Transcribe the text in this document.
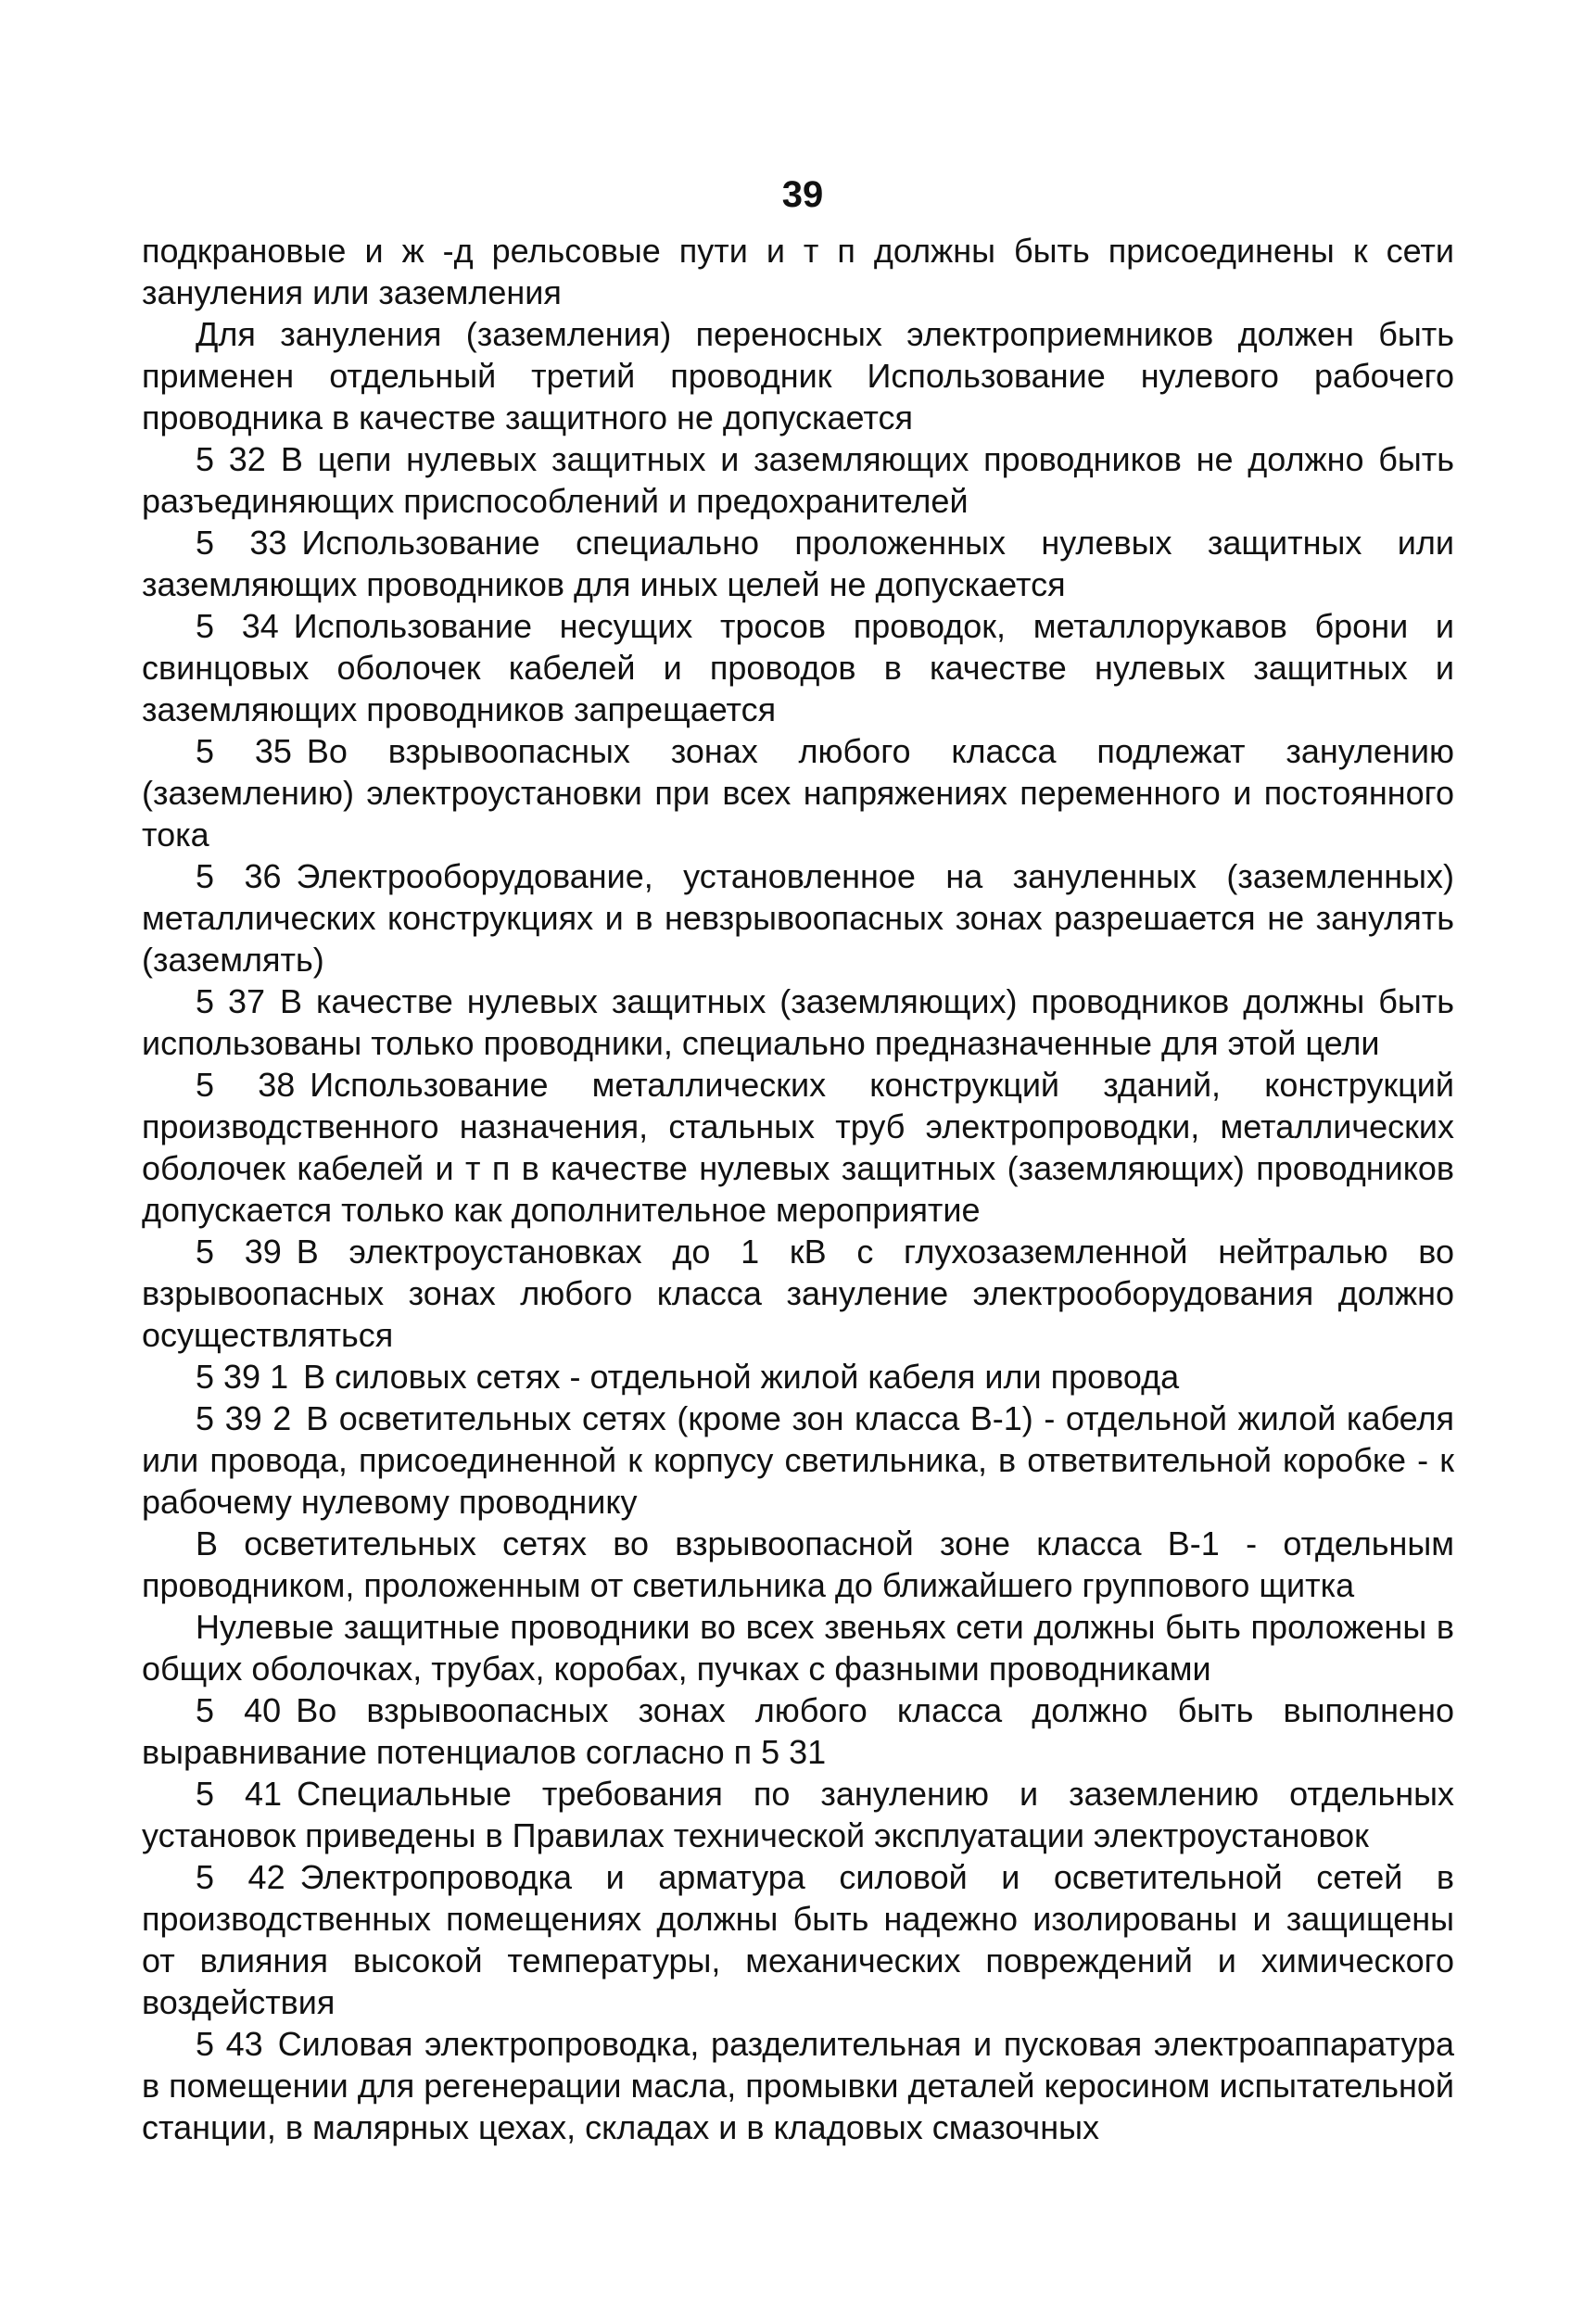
39

подкрановые и ж -д рельсовые пути и т п должны быть присоединены к сети зануления или заземления

Для зануления (заземления) переносных электроприемников должен быть применен отдельный третий проводник Использование нулевого рабочего проводника в качестве защитного не допускается

5 32 В цепи нулевых защитных и заземляющих проводников не должно быть разъединяющих приспособлений и предохранителей

5 33 Использование специально проложенных нулевых защитных или заземляющих проводников для иных целей не допускается

5 34 Использование несущих тросов проводок, металлорукавов брони и свинцовых оболочек кабелей и проводов в качестве нулевых защитных и заземляющих проводников запрещается

5 35 Во взрывоопасных зонах любого класса подлежат занулению (заземлению) электроустановки при всех напряжениях переменного и постоянного тока

5 36 Электрооборудование, установленное на зануленных (заземленных) металлических конструкциях и в невзрывоопасных зонах разрешается не занулять (заземлять)

5 37 В качестве нулевых защитных (заземляющих) проводников должны быть использованы только проводники, специально предназначенные для этой цели

5 38 Использование металлических конструкций зданий, конструкций производственного назначения, стальных труб электропроводки, металлических оболочек кабелей и т п в качестве нулевых защитных (заземляющих) проводников допускается только как дополнительное мероприятие

5 39 В электроустановках до 1 кВ с глухозаземленной нейтралью во взрывоопасных зонах любого класса зануление электрооборудования должно осуществляться

5 39 1 В силовых сетях - отдельной жилой кабеля или провода

5 39 2 В осветительных сетях (кроме зон класса В-1) - отдельной жилой кабеля или провода, присоединенной к корпусу светильника, в ответвительной коробке - к рабочему нулевому проводнику

В осветительных сетях во взрывоопасной зоне класса В-1 - отдельным проводником, проложенным от светильника до ближайшего группового щитка

Нулевые защитные проводники во всех звеньях сети должны быть проложены в общих оболочках, трубах, коробах, пучках с фазными проводниками

5 40 Во взрывоопасных зонах любого класса должно быть выполнено выравнивание потенциалов согласно п 5 31

5 41 Специальные требования по занулению и заземлению отдельных установок приведены в Правилах технической эксплуатации электроустановок

5 42 Электропроводка и арматура силовой и осветительной сетей в производственных помещениях должны быть надежно изолированы и защищены от влияния высокой температуры, механических повреждений и химического воздействия

5 43 Силовая электропроводка, разделительная и пусковая электроаппаратура в помещении для регенерации масла, промывки деталей керосином испытательной станции, в малярных цехах, складах и в кладовых смазочных
